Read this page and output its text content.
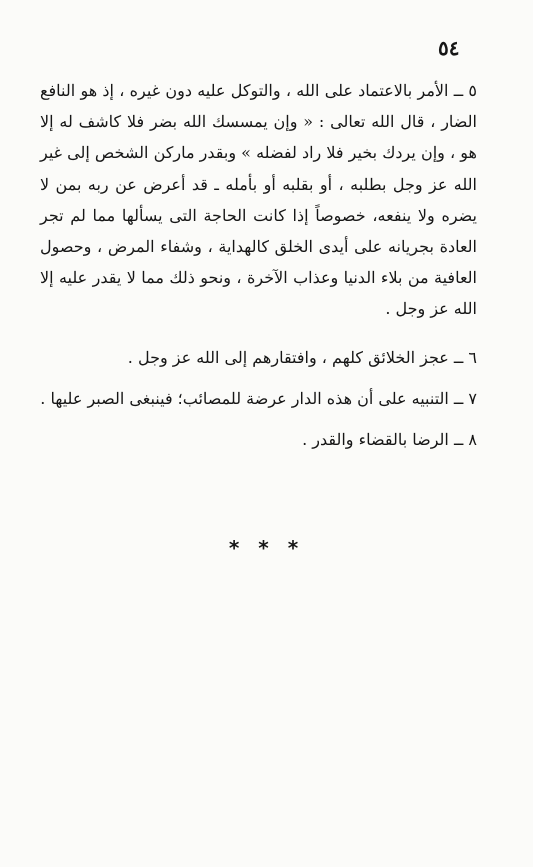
٥٤

٥ ــ الأمر بالاعتماد على الله ، والتوكل عليه دون غيره ، إذ هو النافع الضار ، قال الله تعالى : « وإن يمسسك الله بضر فلا كاشف له إلا هو ، وإن يردك بخير فلا راد لفضله » وبقدر ماركن الشخص إلى غير الله عز وجل بطلبه ، أو بقلبه أو بأمله ـ قد أعرض عن ربه بمن لا يضره ولا ينفعه، خصوصاً إذا كانت الحاجة التى يسألها مما لم تجر العادة بجريانه على أيدى الخلق كالهداية ، وشفاء المرض ، وحصول العافية من بلاء الدنيا وعذاب الآخرة ، ونحو ذلك مما لا يقدر عليه إلا الله عز وجل .

٦ ــ عجز الخلائق كلهم ، وافتقارهم إلى الله عز وجل .

٧ ــ التنبيه على أن هذه الدار عرضة للمصائب؛ فينبغى الصبر عليها .

٨ ــ الرضا بالقضاء والقدر .

* * *
